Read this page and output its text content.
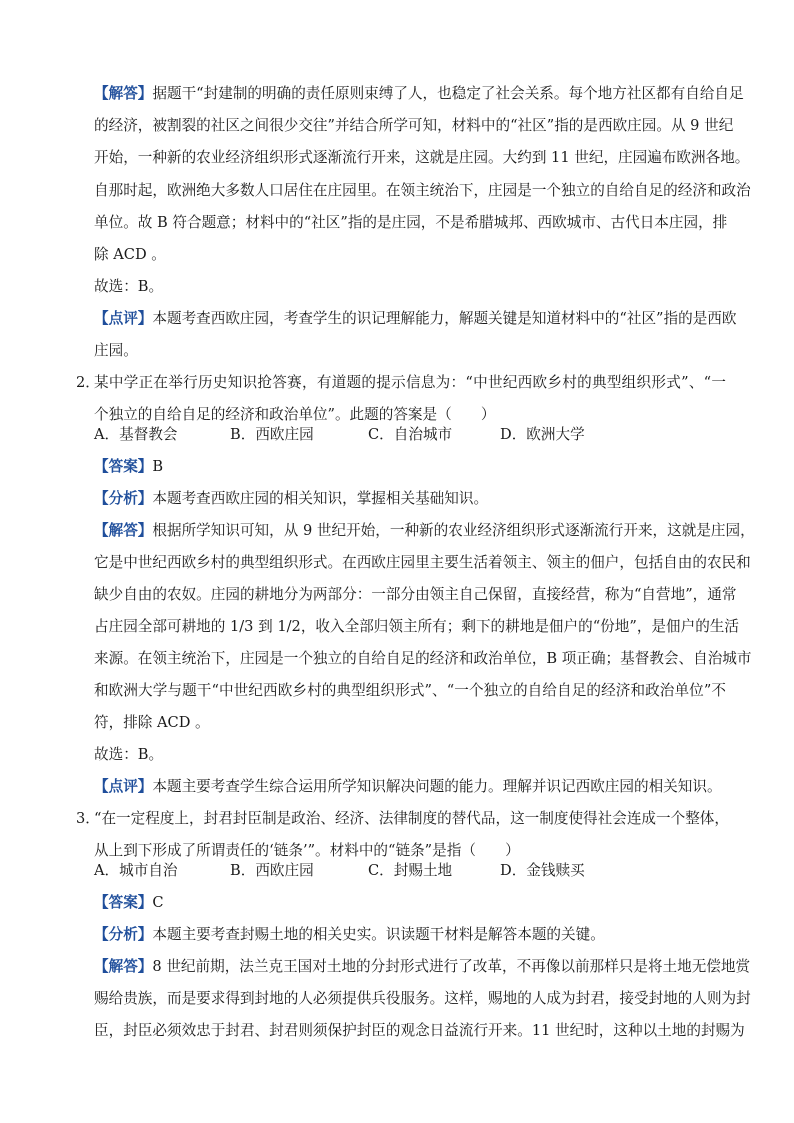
【解答】据题干“封建制的明确的责任原则束缚了人，也稳定了社会关系。每个地方社区都有自给自足

的经济，被割裂的社区之间很少交往”并结合所学可知，材料中的“社区”指的是西欧庄园。从 9 世纪

开始，一种新的农业经济组织形式逐渐流行开来，这就是庄园。大约到 11 世纪，庄园遍布欧洲各地。

自那时起，欧洲绝大多数人口居住在庄园里。在领主统治下，庄园是一个独立的自给自足的经济和政治

单位。故 B 符合题意；材料中的“社区”指的是庄园，不是希腊城邦、西欧城市、古代日本庄园，排

除 ACD 。

故选：B。

【点评】本题考查西欧庄园，考查学生的识记理解能力，解题关键是知道材料中的“社区”指的是西欧

庄园。

2．

某中学正在举行历史知识抢答赛，有道题的提示信息为：“中世纪西欧乡村的典型组织形式”、“一

个独立的自给自足的经济和政治单位”。此题的答案是（　　）

A．基督教会	B．西欧庄园	C．自治城市	D．欧洲大学

【答案】B

【分析】本题考查西欧庄园的相关知识，掌握相关基础知识。

【解答】根据所学知识可知，从 9 世纪开始，一种新的农业经济组织形式逐渐流行开来，这就是庄园，

它是中世纪西欧乡村的典型组织形式。在西欧庄园里主要生活着领主、领主的佃户，包括自由的农民和

缺少自由的农奴。庄园的耕地分为两部分：一部分由领主自己保留，直接经营，称为“自营地”，通常

占庄园全部可耕地的 1/3 到 1/2，收入全部归领主所有；剩下的耕地是佃户的“份地”，是佃户的生活

来源。在领主统治下，庄园是一个独立的自给自足的经济和政治单位，B 项正确；基督教会、自治城市

和欧洲大学与题干“中世纪西欧乡村的典型组织形式”、“一个独立的自给自足的经济和政治单位”不

符，排除 ACD 。

故选：B。

【点评】本题主要考查学生综合运用所学知识解决问题的能力。理解并识记西欧庄园的相关知识。

3．

“在一定程度上，封君封臣制是政治、经济、法律制度的替代品，这一制度使得社会连成一个整体，

从上到下形成了所谓责任的‘链条’”。材料中的“链条”是指（　　）

A．城市自治	B．西欧庄园	C．封赐土地	D．金钱赎买

【答案】C

【分析】本题主要考查封赐土地的相关史实。识读题干材料是解答本题的关键。

【解答】8 世纪前期，法兰克王国对土地的分封形式进行了改革，不再像以前那样只是将土地无偿地赏

赐给贵族，而是要求得到封地的人必须提供兵役服务。这样，赐地的人成为封君，接受封地的人则为封

臣，封臣必须效忠于封君、封君则须保护封臣的观念日益流行开来。11 世纪时，这种以土地的封赐为
